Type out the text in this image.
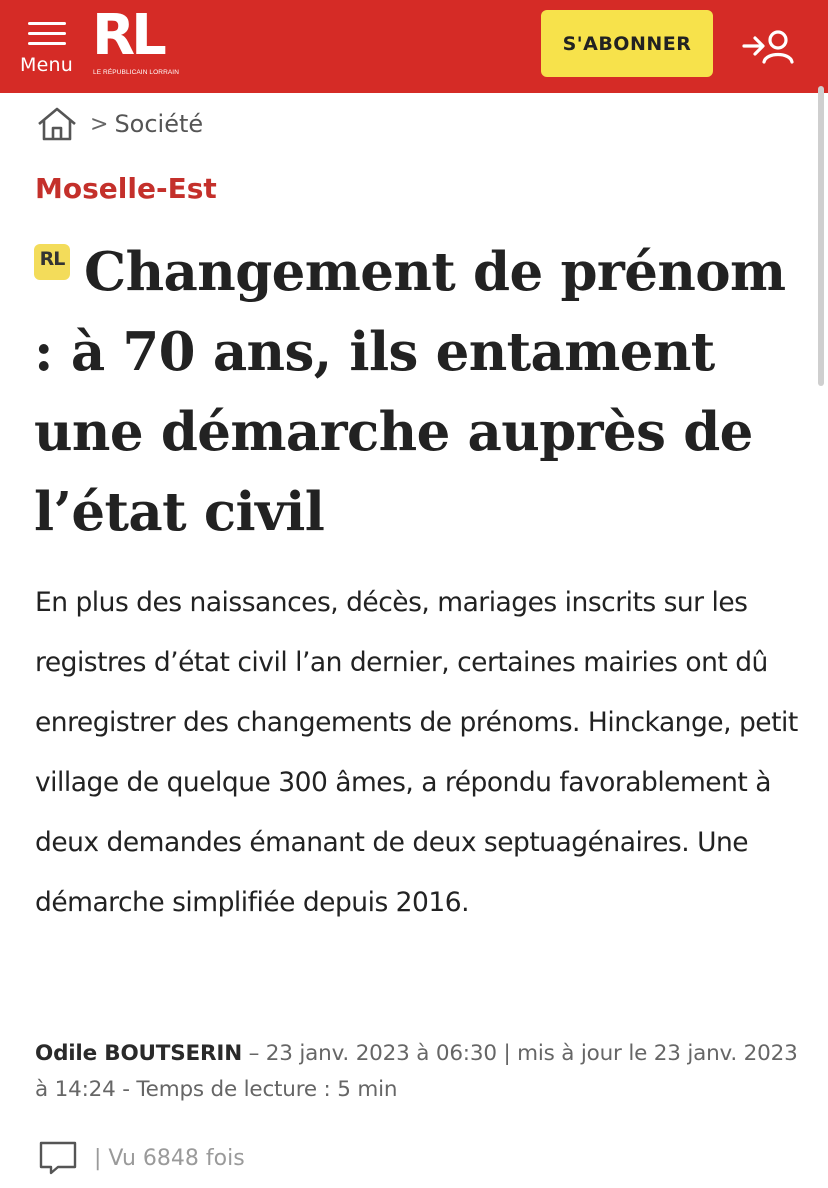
Menu RL
LE RÉPUBLICAIN LORRAIN
S'ABONNER
> Société
Moselle-Est
RL Changement de prénom : à 70 ans, ils entament une démarche auprès de l’état civil

En plus des naissances, décès, mariages inscrits sur les registres d’état civil l’an dernier, certaines mairies ont dû enregistrer des changements de prénoms. Hinckange, petit village de quelque 300 âmes, a répondu favorablement à deux demandes émanant de deux septuagénaires. Une démarche simplifiée depuis 2016.

Odile BOUTSERIN – 23 janv. 2023 à 06:30 | mis à jour le 23 janv. 2023 à 14:24 - Temps de lecture : 5 min
| Vu 6848 fois
